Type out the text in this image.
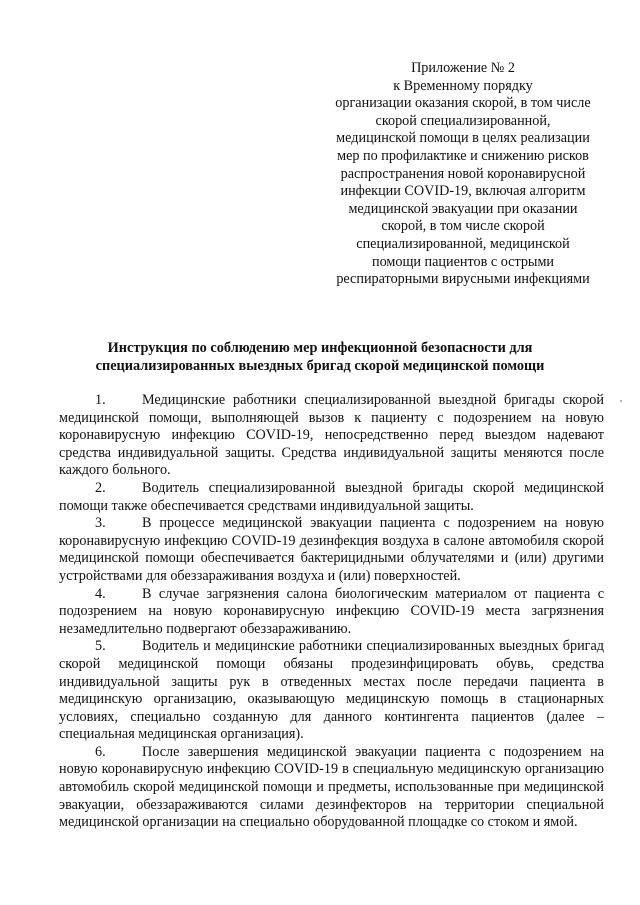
Приложение № 2
к Временному порядку
организации оказания скорой, в том числе
скорой специализированной,
медицинской помощи в целях реализации
мер по профилактике и снижению рисков
распространения новой коронавирусной
инфекции COVID-19, включая алгоритм
медицинской эвакуации при оказании
скорой, в том числе скорой
специализированной, медицинской
помощи пациентов с острыми
респираторными вирусными инфекциями
Инструкция по соблюдению мер инфекционной безопасности для
специализированных выездных бригад скорой медицинской помощи

1.	Медицинские работники специализированной выездной бригады скорой медицинской помощи, выполняющей вызов к пациенту с подозрением на новую коронавирусную инфекцию COVID-19, непосредственно перед выездом надевают средства индивидуальной защиты. Средства индивидуальной защиты меняются после каждого больного.

2.	Водитель специализированной выездной бригады скорой медицинской помощи также обеспечивается средствами индивидуальной защиты.

3.	В процессе медицинской эвакуации пациента с подозрением на новую коронавирусную инфекцию COVID-19 дезинфекция воздуха в салоне автомобиля скорой медицинской помощи обеспечивается бактерицидными облучателями и (или) другими устройствами для обеззараживания воздуха и (или) поверхностей.

4.	В случае загрязнения салона биологическим материалом от пациента с подозрением на новую коронавирусную инфекцию COVID-19 места загрязнения незамедлительно подвергают обеззараживанию.

5.	Водитель и медицинские работники специализированных выездных бригад скорой медицинской помощи обязаны продезинфицировать обувь, средства индивидуальной защиты рук в отведенных местах после передачи пациента в медицинскую организацию, оказывающую медицинскую помощь в стационарных условиях, специально созданную для данного контингента пациентов (далее – специальная медицинская организация).

6.	После завершения медицинской эвакуации пациента с подозрением на новую коронавирусную инфекцию COVID-19 в специальную медицинскую организацию автомобиль скорой медицинской помощи и предметы, использованные при медицинской эвакуации, обеззараживаются силами дезинфекторов на территории специальной медицинской организации на специально оборудованной площадке со стоком и ямой.
